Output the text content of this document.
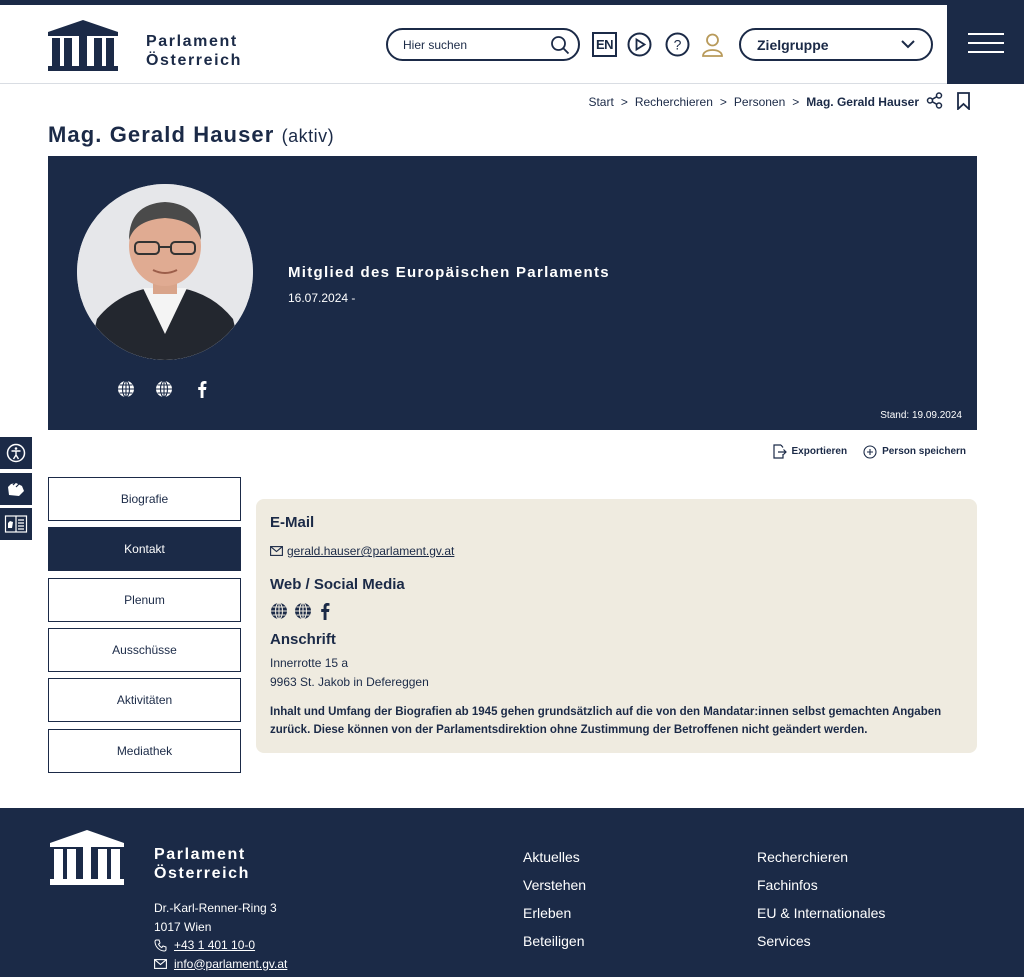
Parlament
Österreich
Hier suchen
EN	?	Zielgruppe
Start > Recherchieren > Personen > Mag. Gerald Hauser
Mag. Gerald Hauser (aktiv)
Mitglied des Europäischen Parlaments
16.07.2024 -
Stand: 19.09.2024
Exportieren	Person speichern
Biografie
Kontakt
Plenum
Ausschüsse
Aktivitäten
Mediathek
E-Mail
gerald.hauser@parlament.gv.at
Web / Social Media
Anschrift
Innerrotte 15 a
9963 St. Jakob in Defereggen

Inhalt und Umfang der Biografien ab 1945 gehen grundsätzlich auf die von den Mandatar:innen selbst gemachten Angaben zurück. Diese können von der Parlamentsdirektion ohne Zustimmung der Betroffenen nicht geändert werden.

Parlament
Österreich
Dr.-Karl-Renner-Ring 3
1017 Wien
+43 1 401 10-0
info@parlament.gv.at
Aktuelles
Verstehen
Erleben
Beteiligen
Recherchieren
Fachinfos
EU & Internationales
Services
